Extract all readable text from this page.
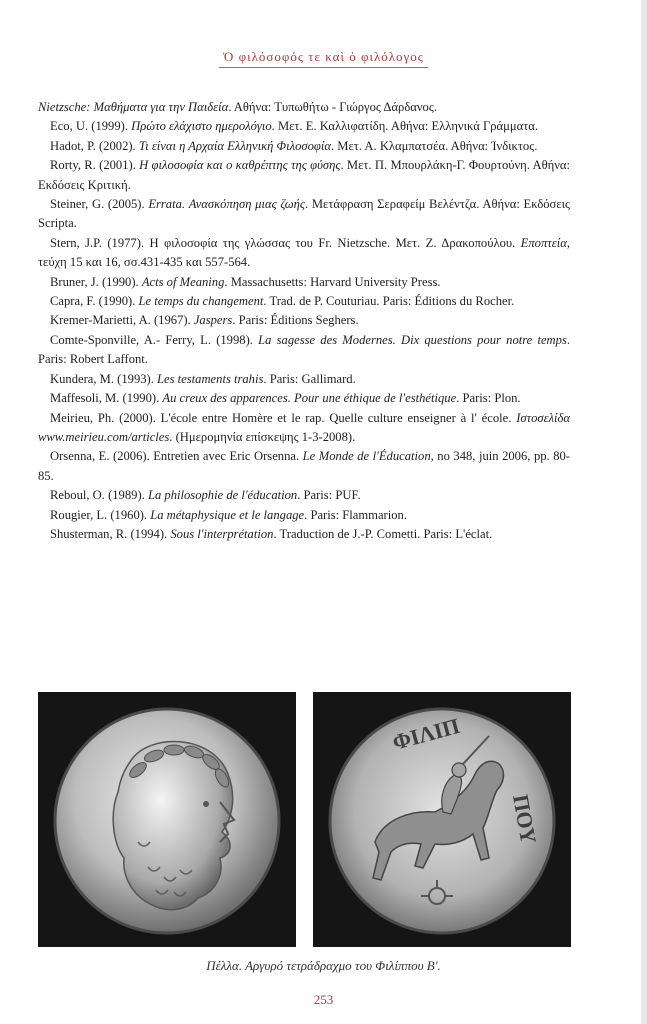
Ὁ φιλόσοφός τε καὶ ὁ φιλόλογος

Nietzsche: Μαθήματα για την Παιδεία. Αθήνα: Τυπωθήτω - Γιώργος Δάρδανος.

Eco, U. (1999). Πρώτο ελάχιστο ημερολόγιο. Μετ. Ε. Καλλιφατίδη. Αθήνα: Ελληνικά Γράμματα.

Hadot, P. (2002). Τι είναι η Αρχαία Ελληνική Φιλοσοφία. Μετ. Α. Κλαμπατσέα. Αθήνα: Ίνδικτος.

Rorty, R. (2001). Η φιλοσοφία και ο καθρέπτης της φύσης. Μετ. Π. Μπουρλάκη-Γ. Φουρτούνη. Αθήνα: Εκδόσεις Κριτική.

Steiner, G. (2005). Errata. Ανασκόπηση μιας ζωής. Μετάφραση Σεραφείμ Βελέντζα. Αθήνα: Εκδόσεις Scripta.

Stern, J.P. (1977). Η φιλοσοφία της γλώσσας του Fr. Nietzsche. Μετ. Ζ. Δρακοπούλου. Εποπτεία, τεύχη 15 και 16, σσ.431-435 και 557-564.

Bruner, J. (1990). Acts of Meaning. Massachusetts: Harvard University Press.

Capra, F. (1990). Le temps du changement. Trad. de P. Couturiau. Paris: Éditions du Rocher.

Kremer-Marietti, A. (1967). Jaspers. Paris: Éditions Seghers.

Comte-Sponville, A.- Ferry, L. (1998). La sagesse des Modernes. Dix questions pour notre temps. Paris: Robert Laffont.

Kundera, M. (1993). Les testaments trahis. Paris: Gallimard.

Maffesoli, M. (1990). Au creux des apparences. Pour une éthique de l'esthétique. Paris: Plon.

Meirieu, Ph. (2000). L'école entre Homère et le rap. Quelle culture enseigner à l' école. Ιστοσελίδα www.meirieu.com/articles. (Ημερομηνία επίσκεψης 1-3-2008).

Orsenna, E. (2006). Entretien avec Eric Orsenna. Le Monde de l'Éducation, no 348, juin 2006, pp. 80-85.

Reboul, O. (1989). La philosophie de l'éducation. Paris: PUF.

Rougier, L. (1960). La métaphysique et le langage. Paris: Flammarion.

Shusterman, R. (1994). Sous l'interprétation. Traduction de J.-P. Cometti. Paris: L'éclat.

ΦΙΛΙΠ
ΠΟΥ
Πέλλα. Αργυρό τετράδραχμο του Φιλίππου Β'.
253
